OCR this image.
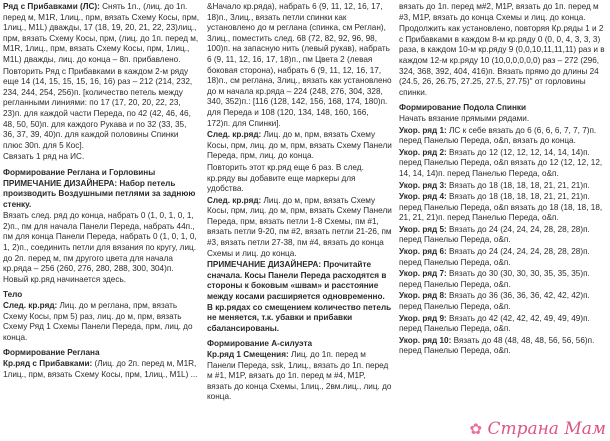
Ряд с Прибавками (ЛС): Снять 1п., (лиц. до 1п. перед м, M1R, 1лиц., прм, вязать Схему Косы, прм, 1лиц., M1L) дважды, 17 (18, 19, 20, 21, 22, 23)лиц., прм, вязать Схему Косы, прм, (лиц. до 1п. перед м, M1R, 1лиц., прм, вязать Схему Косы, прм, 1лиц., M1L) дважды, лиц. до конца – 8п. прибавлено.
Повторить Ряд с Прибавками в каждом 2-м ряду еще 14 (14, 15, 15, 15, 16, 16) раз – 212 (214, 232, 234, 244, 254, 256)п. [количество петель между регланными линиями: по 17 (17, 20, 20, 22, 23, 23)п. для каждой части Переда, по 42 (42, 46, 46, 48, 50, 50)п. для каждого Рукава и по 32 (33, 35, 36, 37, 39, 40)п. для каждой половины Спинки плюс 30п. для 5 Кос].
Связать 1 ряд на ИС.
Формирование Реглана и Горловины
ПРИМЕЧАНИЕ ДИЗАЙНЕРА: Набор петель производить Воздушными петлями за заднюю стенку.
Вязать след. ряд до конца, набрать 0 (1, 0, 1, 0, 1, 2)п., пм для начала Панели Переда, набрать 44п., пм для конца Панели Переда, набрать 0 (1, 0, 1, 0, 1, 2)п., соединить петли для вязания по кругу, лиц. до 2п. перед м, пм другого цвета для начала кр.ряда – 256 (260, 276, 280, 288, 300, 304)п. Новый кр.ряд начинается здесь.
Тело
След. кр.ряд: Лиц. до м реглана, прм, вязать Схему Косы, прм 5) раз, лиц. до м, прм, вязать Схему Ряд 1 Схемы Панели Переда, прм, лиц. до конца.
Формирование Реглана
Кр.ряд с Прибавками: (Лиц. до 2п. перед м, M1R, 1лиц., прм, вязать Схему Косы, прм, 1лиц., M1L) ...
&Начало кр.ряда), набрать 6 (9, 11, 12, 16, 17, 18)п., 3лиц., вязать петли спинки как установлено до м реглана (спинка, см Реглан), 3лиц., поместить след. 68 (72, 82, 92, 96, 98, 100)п. на запасную нить (левый рукав), набрать 6 (9, 11, 12, 16, 17, 18)п., пм Цвета 2 (левая боковая сторона), набрать 6 (9, 11, 12, 16, 17, 18)п., см реглана, 3лиц., вязать как установлено до м начала кр.ряда – 224 (248, 276, 304, 328, 340, 352)п.: [116 (128, 142, 156, 168, 174, 180)п. для Переда и 108 (120, 134, 148, 160, 166, 172)п. для Спинки].
След. кр.ряд: Лиц. до м, прм, вязать Схему Косы, прм, лиц. до м, прм, вязать Схему Панели Переда, прм, лиц. до конца.
Повторить этот кр.ряд еще 6 раз. В след. кр.ряду вы добавите еще маркеры для удобства.
След. кр.ряд: Лиц. до м, прм, вязать Схему Косы, прм, лиц. до м, прм, вязать Схему Панели Переда, прм, вязать петли 1-8 Схемы, пм #1, вязать петли 9-20, пм #2, вязать петли 21-26, пм #3, вязать петли 27-38, пм #4, вязать до конца Схемы и лиц. до конца.
ПРИМЕЧАНИЕ ДИЗАЙНЕРА: Прочитайте сначала. Косы Панели Переда расходятся в стороны к боковым «швам» и расстояние между косами расширяется одновременно. В кр.рядах со смещением количество петель не меняется, т.к. убавки и прибавки сбалансированы.
Формирование А-силуэта
Кр.ряд 1 Смещения: Лиц. до 1п. перед м Панели Переда, ssk, 1лиц., вязать до 1п. перед м #1, M1P, вязать до 1п. перед м #4, M1P, вязать до конца Схемы, 1лиц., 2вм.лиц., лиц. до конца.
вязать до 1п. перед м#2, M1P, вязать до 1п. перед м #3, M1P, вязать до конца Схемы и лиц. до конца.
Продолжить как установлено, повторяя Кр.ряды 1 и 2 с Прибавками в каждом 8-м кр.ряду 0 (0, 0, 4, 3, 3, 3) раза, в каждом 10-м кр.ряду 9 (0,0,10,11,11,11) раз и в каждом 12-м кр.ряду 10 (10,0,0,0,0,0) раз – 272 (296, 324, 368, 392, 404, 416)п. Вязать прямо до длины 24 (24.5, 26, 26.75, 27.25, 27.5, 27.75)" от горловины спинки.
Формирование Подола Спинки
Начать вязание прямыми рядами.
Укор. ряд 1: ЛС к себе вязать до 6 (6, 6, 6, 7, 7, 7)п. перед Панелью Переда, о&п, вязать до конца.
Укор. ряд 2: Вязать до 12 (12, 12, 12, 14, 14, 14)п. перед Панелью Переда, о&п вязать до 12 (12, 12, 12, 14, 14, 14)п. перед Панелью Переда, о&п.
Укор. ряд 3: Вязать до 18 (18, 18, 18, 21, 21, 21)п.
Укор. ряд 4: Вязать до 18 (18, 18, 18, 21, 21, 21)п. перед Панелью Переда, о&п вязать до 18 (18, 18, 18, 21, 21, 21)п. перед Панелью Переда, о&п.
Укор. ряд 5: Вязать до 24 (24, 24, 24, 28, 28, 28)п. перед Панелью Переда, о&п.
Укор. ряд 6: Вязать до 24 (24, 24, 24, 28, 28, 28)п. перед Панелью Переда, о&п.
Укор. ряд 7: Вязать до 30 (30, 30, 30, 35, 35, 35)п. перед Панелью Переда, о&п.
Укор. ряд 8: Вязать до 36 (36, 36, 36, 42, 42, 42)п. перед Панелью Переда, о&п.
Укор. ряд 9: Вязать до 42 (42, 42, 42, 49, 49, 49)п. перед Панелью Переда, о&п.
Укор. ряд 10: Вязать до 48 (48, 48, 48, 56, 56, 56)п. перед Панелью Переда, о&п.
✿ Страна Мам
